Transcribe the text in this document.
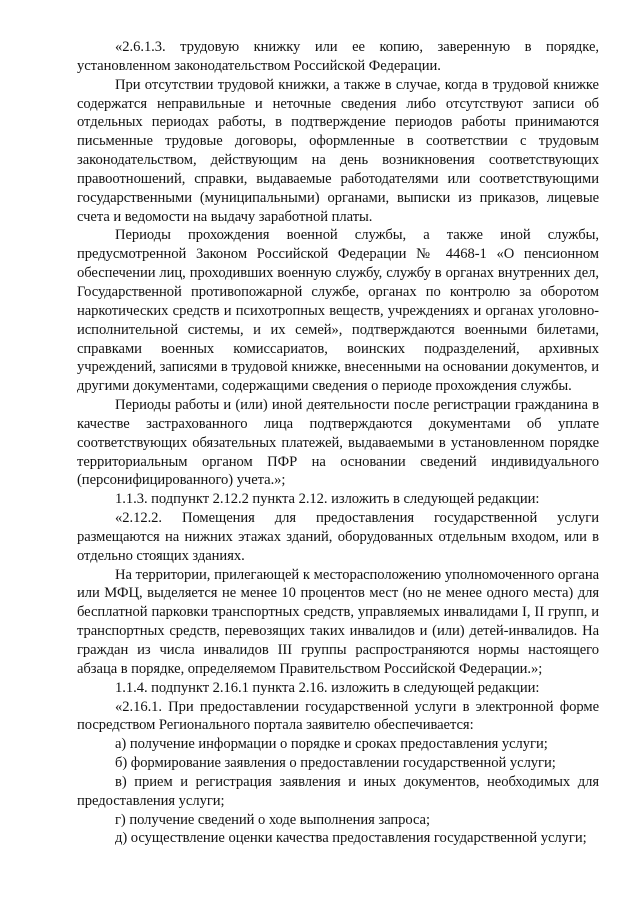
«2.6.1.3. трудовую книжку или ее копию, заверенную в порядке, установленном законодательством Российской Федерации.

При отсутствии трудовой книжки, а также в случае, когда в трудовой книжке содержатся неправильные и неточные сведения либо отсутствуют записи об отдельных периодах работы, в подтверждение периодов работы принимаются письменные трудовые договоры, оформленные в соответствии с трудовым законодательством, действующим на день возникновения соответствующих правоотношений, справки, выдаваемые работодателями или соответствующими государственными (муниципальными) органами, выписки из приказов, лицевые счета и ведомости на выдачу заработной платы.

Периоды прохождения военной службы, а также иной службы, предусмотренной Законом Российской Федерации № 4468-1 «О пенсионном обеспечении лиц, проходивших военную службу, службу в органах внутренних дел, Государственной противопожарной службе, органах по контролю за оборотом наркотических средств и психотропных веществ, учреждениях и органах уголовно-исполнительной системы, и их семей», подтверждаются военными билетами, справками военных комиссариатов, воинских подразделений, архивных учреждений, записями в трудовой книжке, внесенными на основании документов, и другими документами, содержащими сведения о периоде прохождения службы.

Периоды работы и (или) иной деятельности после регистрации гражданина в качестве застрахованного лица подтверждаются документами об уплате соответствующих обязательных платежей, выдаваемыми в установленном порядке территориальным органом ПФР на основании сведений индивидуального (персонифицированного) учета.»;

1.1.3. подпункт 2.12.2 пункта 2.12. изложить в следующей редакции:

«2.12.2. Помещения для предоставления государственной услуги размещаются на нижних этажах зданий, оборудованных отдельным входом, или в отдельно стоящих зданиях.

На территории, прилегающей к месторасположению уполномоченного органа или МФЦ, выделяется не менее 10 процентов мест (но не менее одного места) для бесплатной парковки транспортных средств, управляемых инвалидами I, II групп, и транспортных средств, перевозящих таких инвалидов и (или) детей-инвалидов. На граждан из числа инвалидов III группы распространяются нормы настоящего абзаца в порядке, определяемом Правительством Российской Федерации.»;

1.1.4. подпункт 2.16.1 пункта 2.16. изложить в следующей редакции:

«2.16.1. При предоставлении государственной услуги в электронной форме посредством Регионального портала заявителю обеспечивается:

а) получение информации о порядке и сроках предоставления услуги;

б) формирование заявления о предоставлении государственной услуги;

в) прием и регистрация заявления и иных документов, необходимых для предоставления услуги;

г) получение сведений о ходе выполнения запроса;

д) осуществление оценки качества предоставления государственной услуги;
